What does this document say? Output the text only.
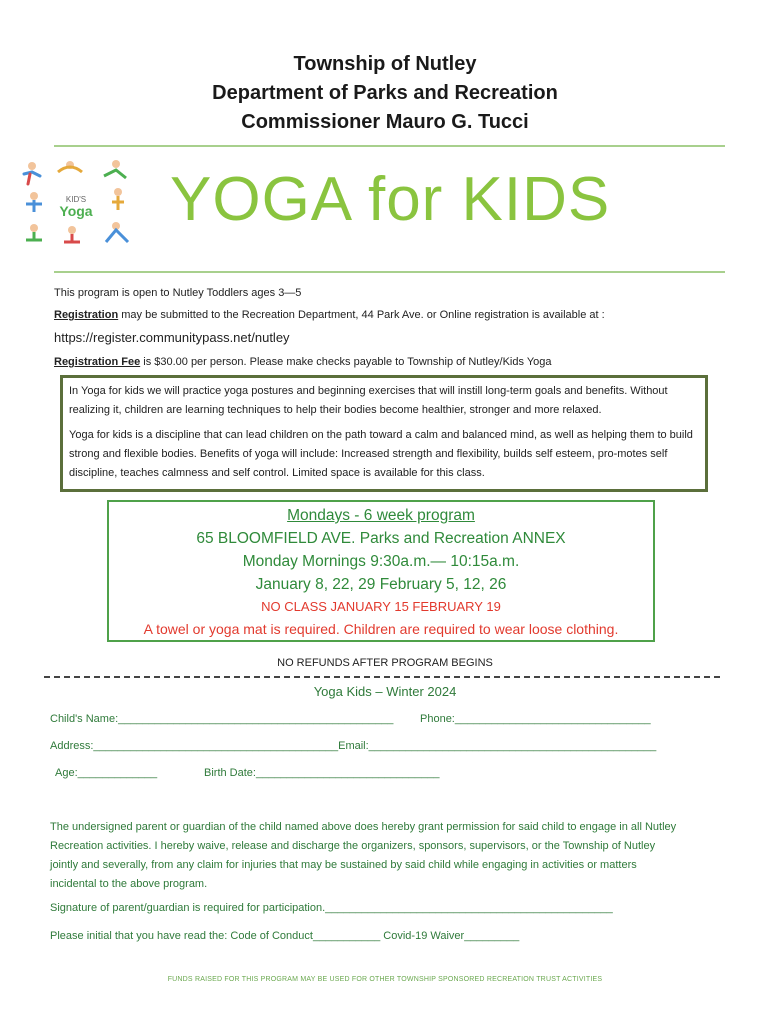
Township of Nutley
Department of Parks and Recreation
Commissioner Mauro G. Tucci
KID'S
Yoga YOGA for KIDS
This program is open to Nutley Toddlers ages 3—5
Registration may be submitted to the Recreation Department, 44 Park Ave. or Online registration is available at :
https://register.communitypass.net/nutley
Registration Fee is $30.00 per person. Please make checks payable to Township of Nutley/Kids Yoga

In Yoga for kids we will practice yoga postures and beginning exercises that will instill long-term goals and benefits. Without realizing it, children are learning techniques to help their bodies become healthier, stronger and more relaxed.

Yoga for kids is a discipline that can lead children on the path toward a calm and balanced mind, as well as helping them to build strong and flexible bodies. Benefits of yoga will include: Increased strength and flexibility, builds self esteem, pro-motes self discipline, teaches calmness and self control. Limited space is available for this class.

Mondays - 6 week program
65 BLOOMFIELD AVE. Parks and Recreation ANNEX
Monday Mornings 9:30a.m.— 10:15a.m.
January 8, 22, 29 February 5, 12, 26
NO CLASS JANUARY 15 FEBRUARY 19
A towel or yoga mat is required. Children are required to wear loose clothing.
NO REFUNDS AFTER PROGRAM BEGINS
Yoga Kids – Winter 2024
Child's Name:_____________________________________________ Phone:________________________________
Address:________________________________________Email:_______________________________________________
Age:_____________	Birth Date:______________________________
The undersigned parent or guardian of the child named above does hereby grant permission for said child to engage in all Nutley Recreation activities. I hereby waive, release and discharge the organizers, sponsors, supervisors, or the Township of Nutley jointly and severally, from any claim for injuries that may be sustained by said child while engaging in activities or matters incidental to the above program.
Signature of parent/guardian is required for participation._______________________________________________
Please initial that you have read the: Code of Conduct___________ Covid-19 Waiver_________
FUNDS RAISED FOR THIS PROGRAM MAY BE USED FOR OTHER TOWNSHIP SPONSORED RECREATION TRUST ACTIVITIES
